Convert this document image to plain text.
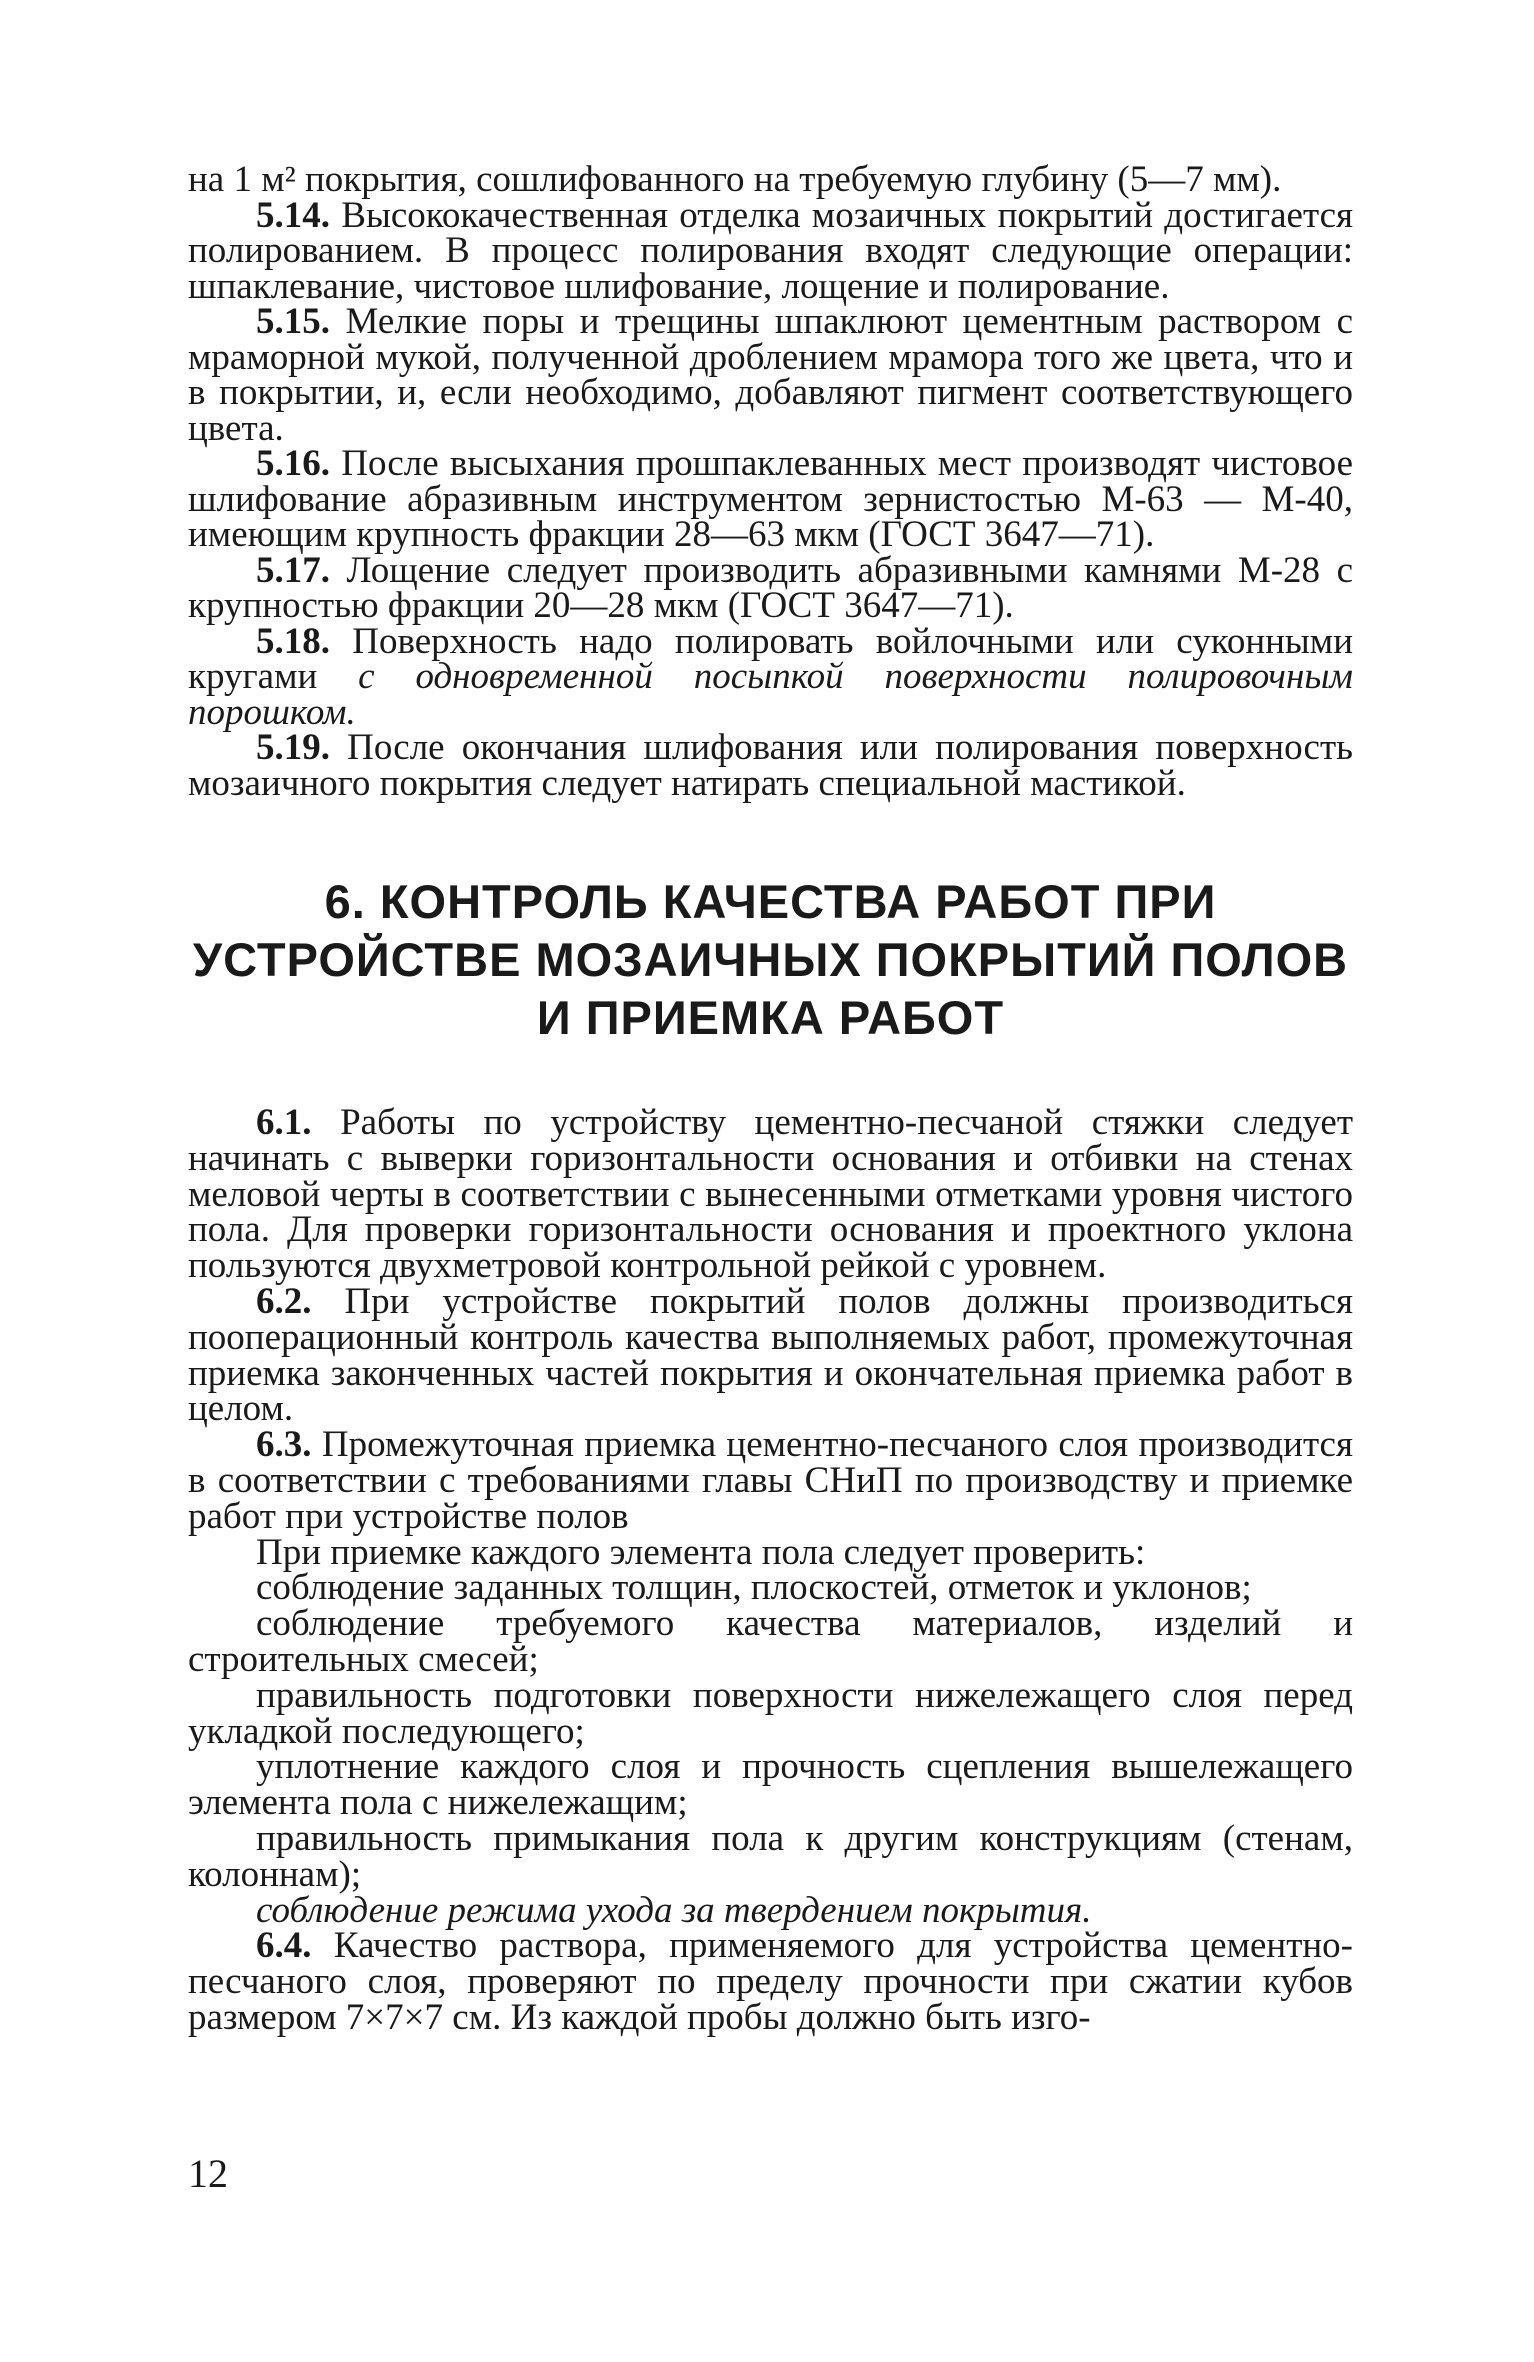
на 1 м² покрытия, сошлифованного на требуемую глубину (5—7 мм).

5.14. Высококачественная отделка мозаичных покрытий достигается полированием. В процесс полирования входят следующие операции: шпаклевание, чистовое шлифование, лощение и полирование.

5.15. Мелкие поры и трещины шпаклюют цементным раствором с мраморной мукой, полученной дроблением мрамора того же цвета, что и в покрытии, и, если необходимо, добавляют пигмент соответствующего цвета.

5.16. После высыхания прошпаклеванных мест производят чистовое шлифование абразивным инструментом зернистостью М-63 — М-40, имеющим крупность фракции 28—63 мкм (ГОСТ 3647—71).

5.17. Лощение следует производить абразивными камнями М-28 с крупностью фракции 20—28 мкм (ГОСТ 3647—71).

5.18. Поверхность надо полировать войлочными или суконными кругами с одновременной посыпкой поверхности полировочным порошком.

5.19. После окончания шлифования или полирования поверхность мозаичного покрытия следует натирать специальной мастикой.

6. КОНТРОЛЬ КАЧЕСТВА РАБОТ ПРИ
УСТРОЙСТВЕ МОЗАИЧНЫХ ПОКРЫТИЙ ПОЛОВ
И ПРИЕМКА РАБОТ

6.1. Работы по устройству цементно-песчаной стяжки следует начинать с выверки горизонтальности основания и отбивки на стенах меловой черты в соответствии с вынесенными отметками уровня чистого пола. Для проверки горизонтальности основания и проектного уклона пользуются двухметровой контрольной рейкой с уровнем.

6.2. При устройстве покрытий полов должны производиться пооперационный контроль качества выполняемых работ, промежуточная приемка законченных частей покрытия и окончательная приемка работ в целом.

6.3. Промежуточная приемка цементно-песчаного слоя производится в соответствии с требованиями главы СНиП по производству и приемке работ при устройстве полов

При приемке каждого элемента пола следует проверить:

соблюдение заданных толщин, плоскостей, отметок и уклонов;

соблюдение требуемого качества материалов, изделий и строительных смесей;

правильность подготовки поверхности нижележащего слоя перед укладкой последующего;

уплотнение каждого слоя и прочность сцепления вышележащего элемента пола с нижележащим;

правильность примыкания пола к другим конструкциям (стенам, колоннам);

соблюдение режима ухода за твердением покрытия.

6.4. Качество раствора, применяемого для устройства цементно-песчаного слоя, проверяют по пределу прочности при сжатии кубов размером 7×7×7 см. Из каждой пробы должно быть изго-

12
